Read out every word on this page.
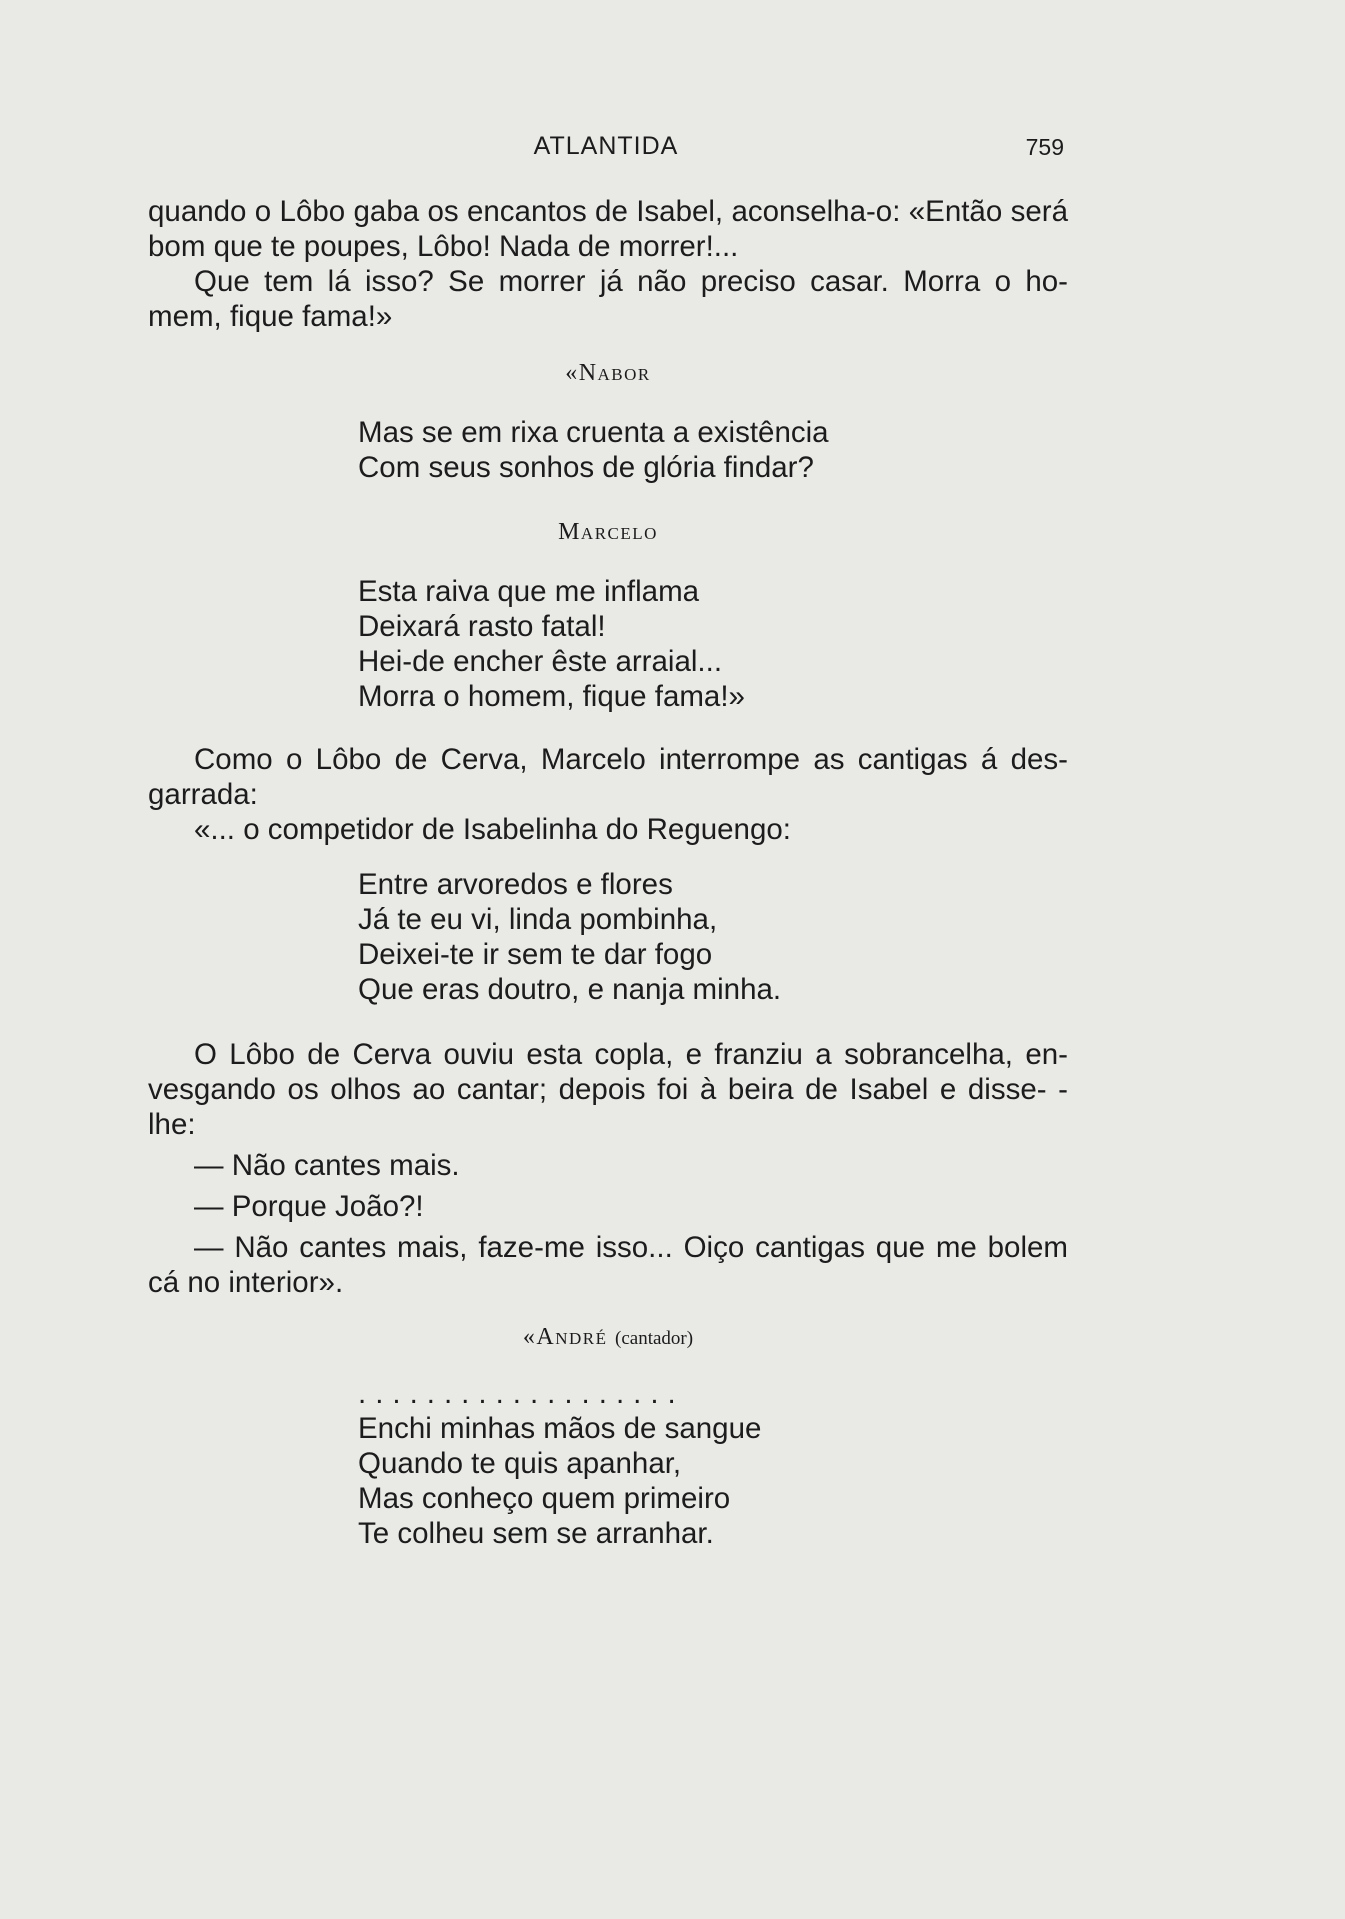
ATLANTIDA	759

quando o Lôbo gaba os encantos de Isabel, aconselha-o: «Então será bom que te poupes, Lôbo! Nada de morrer!...

Que tem lá isso? Se morrer já não preciso casar. Morra o ho- mem, fique fama!»

«Nabor

Mas se em rixa cruenta a existência
Com seus sonhos de glória findar?

Marcelo

Esta raiva que me inflama
Deixará rasto fatal!
Hei-de encher êste arraial...
Morra o homem, fique fama!»

Como o Lôbo de Cerva, Marcelo interrompe as cantigas á des- garrada:

«... o competidor de Isabelinha do Reguengo:

Entre arvoredos e flores
Já te eu vi, linda pombinha,
Deixei-te ir sem te dar fogo
Que eras doutro, e nanja minha.

O Lôbo de Cerva ouviu esta copla, e franziu a sobrancelha, en- vesgando os olhos ao cantar; depois foi à beira de Isabel e disse- -lhe:

— Não cantes mais.

— Porque João?!

— Não cantes mais, faze-me isso... Oiço cantigas que me bolem cá no interior».

«André (cantador)

...................
Enchi minhas mãos de sangue
Quando te quis apanhar,
Mas conheço quem primeiro
Te colheu sem se arranhar.
